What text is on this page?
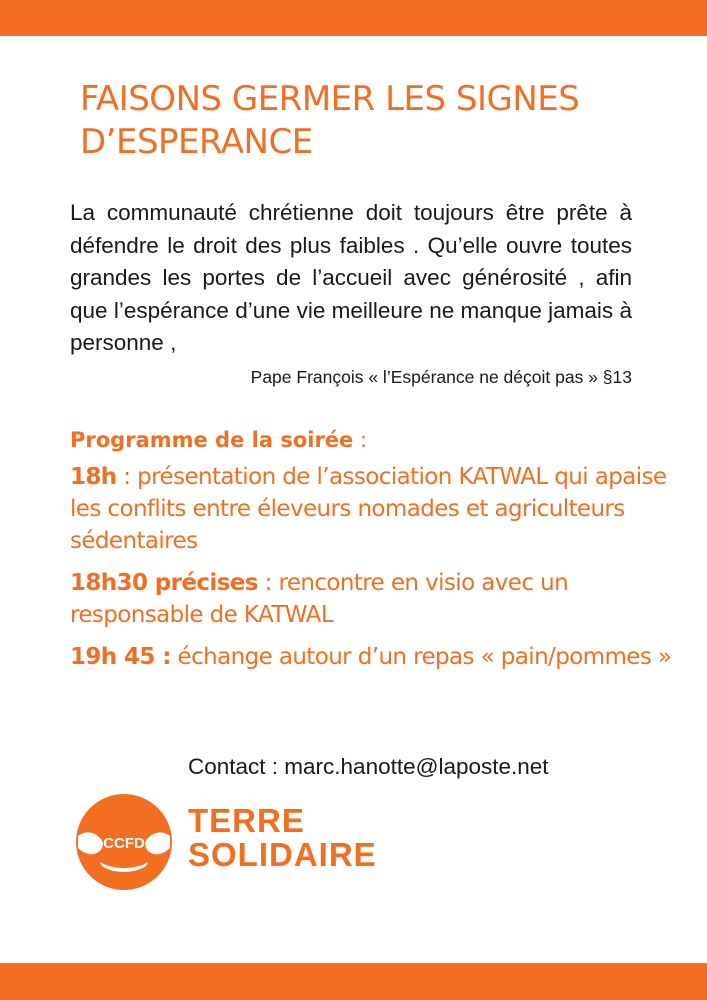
FAISONS GERMER LES SIGNES
D’ESPERANCE

La communauté chrétienne doit toujours être prête à défendre le droit des plus faibles . Qu’elle ouvre toutes grandes les portes de l’accueil avec générosité , afin que l’espérance d’une vie meilleure ne manque jamais à personne ,

Pape François « l’Espérance ne déçoit pas » §13

Programme de la soirée :

18h : présentation de l’association KATWAL qui apaise les conflits entre éleveurs nomades et agriculteurs sédentaires

18h30 précises : rencontre en visio avec un responsable de KATWAL

19h 45 : échange autour d’un repas « pain/pommes »

Contact : marc.hanotte@laposte.net

CCFD
TERRE
SOLIDAIRE
